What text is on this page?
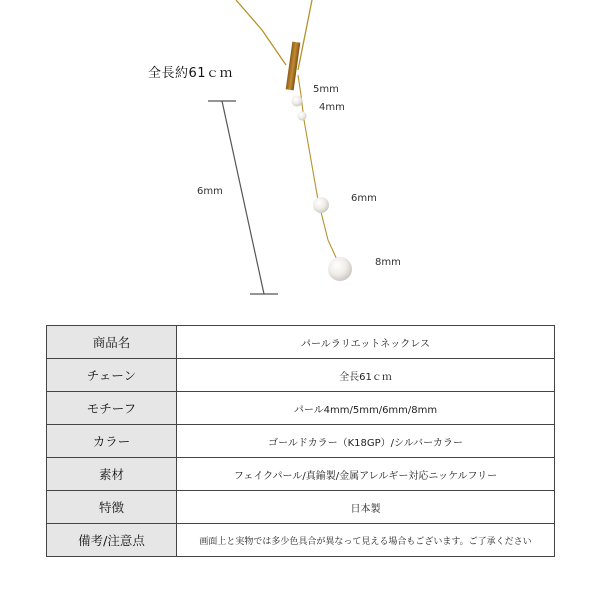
全長約61ｃｍ
5mm
4mm
6mm
6mm
8mm
商品名	パールラリエットネックレス
チェーン	全長61ｃｍ
モチーフ	パール4mm/5mm/6mm/8mm
カラー	ゴールドカラー（K18GP）/シルバーカラー
素材	フェイクパール/真鍮製/金属アレルギー対応ニッケルフリー
特徴	日本製
備考/注意点	画面上と実物では多少色具合が異なって見える場合もございます。ご了承ください
